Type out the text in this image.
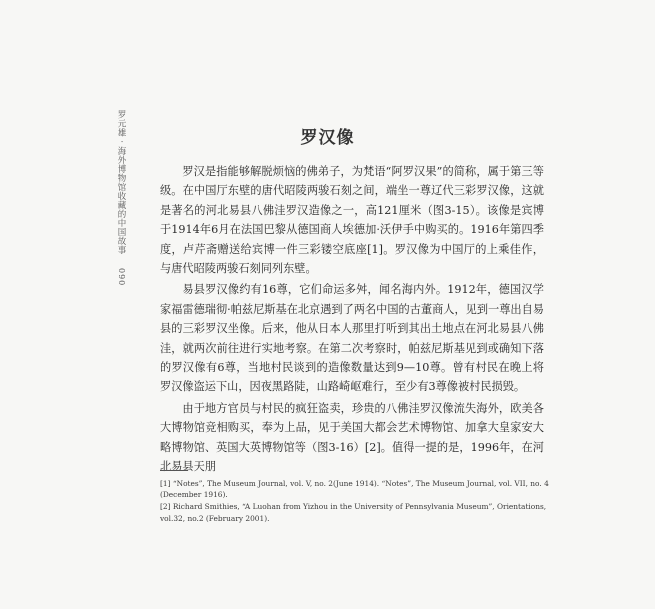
罗元雄 · 海外博物馆收藏的中国故事
090
罗汉像

罗汉是指能够解脱烦恼的佛弟子，为梵语“阿罗汉果”的简称，属于第三等级。在中国厅东壁的唐代昭陵两骏石刻之间，端坐一尊辽代三彩罗汉像，这就是著名的河北易县八佛洼罗汉造像之一，高121厘米（图3-15）。该像是宾博于1914年6月在法国巴黎从德国商人埃德加·沃伊手中购买的。1916年第四季度，卢芹斋赠送给宾博一件三彩镂空底座[1]。罗汉像为中国厅的上乘佳作，与唐代昭陵两骏石刻同列东壁。

易县罗汉像约有16尊，它们命运多舛，闻名海内外。1912年，德国汉学家福雷德瑞彻·帕兹尼斯基在北京遇到了两名中国的古董商人，见到一尊出自易县的三彩罗汉坐像。后来，他从日本人那里打听到其出土地点在河北易县八佛洼，就两次前往进行实地考察。在第二次考察时，帕兹尼斯基见到或确知下落的罗汉像有6尊，当地村民谈到的造像数量达到9—10尊。曾有村民在晚上将罗汉像盗运下山，因夜黑路陡，山路崎岖难行，至少有3尊像被村民损毁。

由于地方官员与村民的疯狂盗卖，珍贵的八佛洼罗汉像流失海外，欧美各大博物馆竞相购买，奉为上品，见于美国大都会艺术博物馆、加拿大皇家安大略博物馆、英国大英博物馆等（图3-16）[2]。值得一提的是，1996年，在河北易县天朋

[1] “Notes”, The Museum Journal, vol. V, no. 2(June 1914). “Notes”, The Museum Journal, vol. VII, no. 4 (December 1916).
[2] Richard Smithies, “A Luohan from Yizhou in the University of Pennsylvania Museum”, Orientations, vol.32, no.2 (February 2001).
